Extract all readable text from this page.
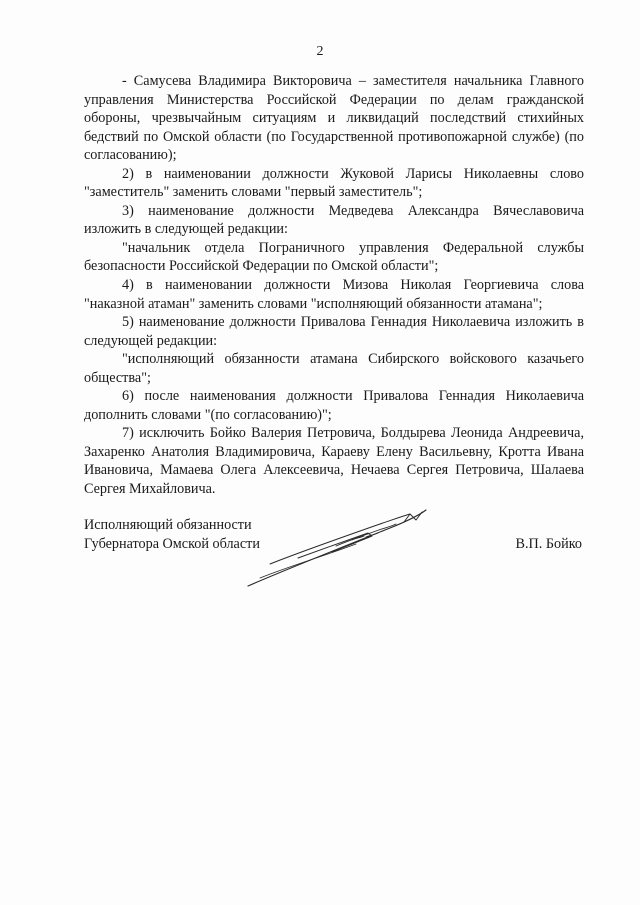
2

- Самусева Владимира Викторовича – заместителя начальника Главного управления Министерства Российской Федерации по делам гражданской обороны, чрезвычайным ситуациям и ликвидаций последствий стихийных бедствий по Омской области (по Государственной противопожарной службе) (по согласованию);

2) в наименовании должности Жуковой Ларисы Николаевны слово "заместитель" заменить словами "первый заместитель";

3) наименование должности Медведева Александра Вячеславовича изложить в следующей редакции:

"начальник отдела Пограничного управления Федеральной службы безопасности Российской Федерации по Омской области";

4) в наименовании должности Мизова Николая Георгиевича слова "наказной атаман" заменить словами "исполняющий обязанности атамана";

5) наименование должности Привалова Геннадия Николаевича изложить в следующей редакции:

"исполняющий обязанности атамана Сибирского войскового казачьего общества";

6) после наименования должности Привалова Геннадия Николаевича дополнить словами "(по согласованию)";

7) исключить Бойко Валерия Петровича, Болдырева Леонида Андреевича, Захаренко Анатолия Владимировича, Караеву Елену Васильевну, Кротта Ивана Ивановича, Мамаева Олега Алексеевича, Нечаева Сергея Петровича, Шалаева Сергея Михайловича.

Исполняющий обязанности
Губернатора Омской области	В.П. Бойко
